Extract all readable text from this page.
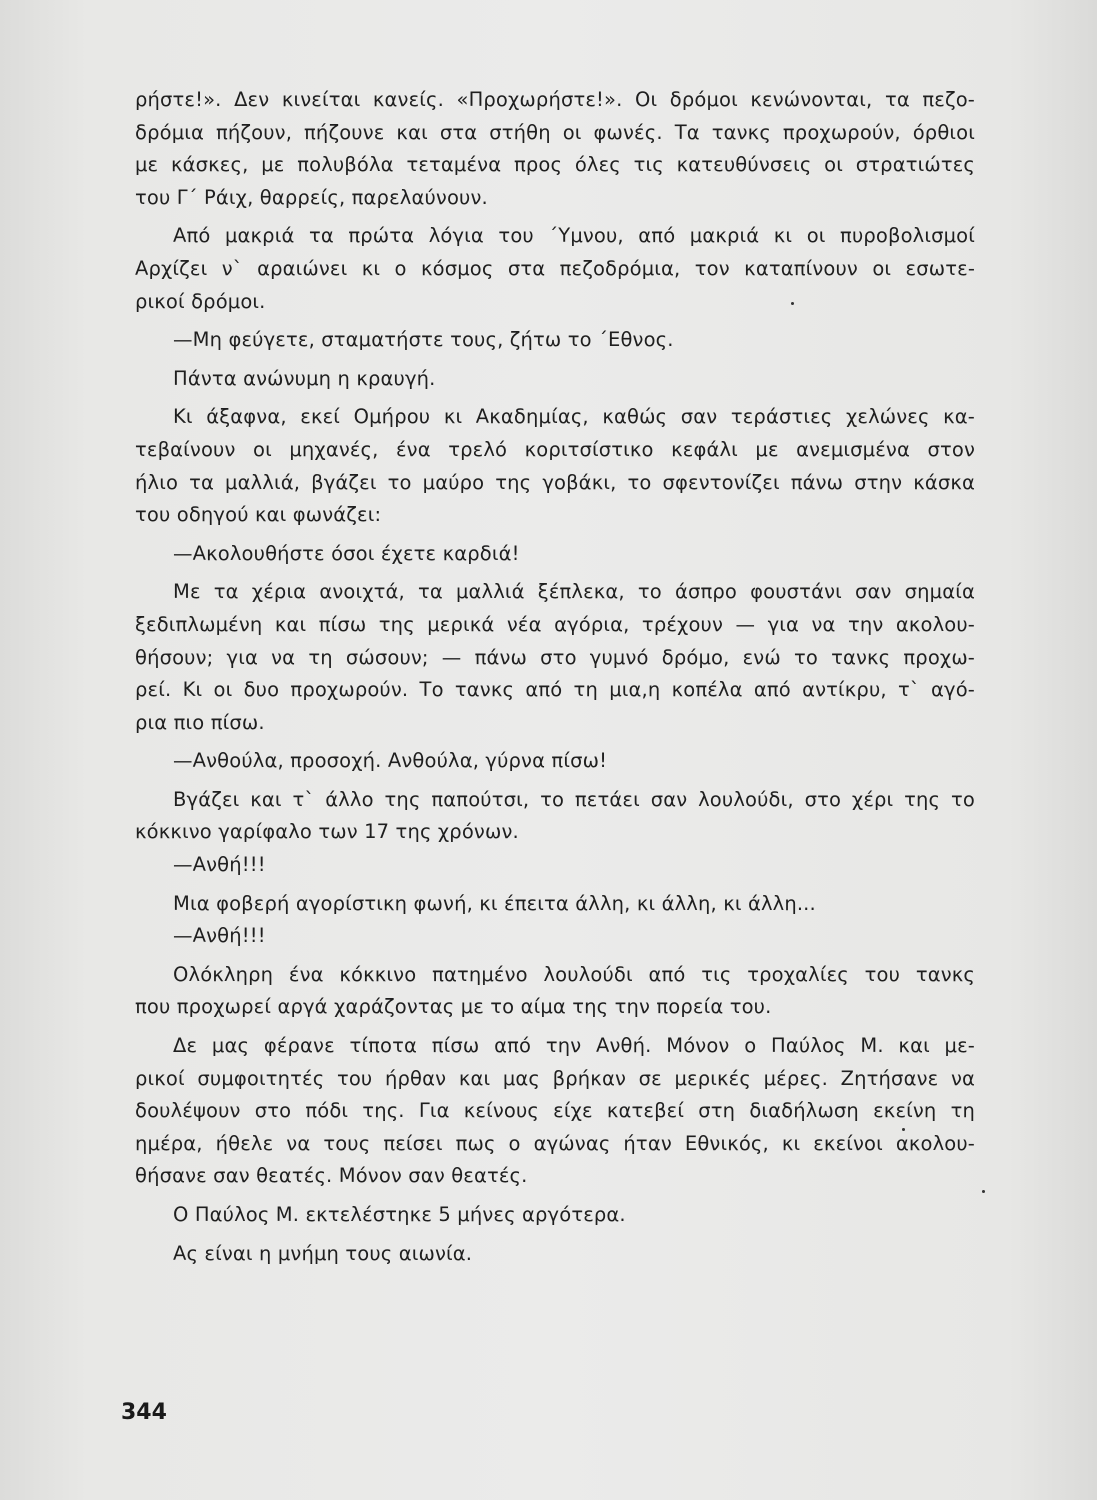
ρήστε!». Δεν κινείται κανείς. «Προχωρήστε!». Οι δρόμοι κενώνονται, τα πεζο-
δρόμια πήζουν, πήζουνε και στα στήθη οι φωνές. Τα τανκς προχωρούν, όρθιοι
με κάσκες, με πολυβόλα τεταμένα προς όλες τις κατευθύνσεις οι στρατιώτες
του Γ΄ Ράιχ, θαρρείς, παρελαύνουν.
Από μακριά τα πρώτα λόγια του ΄Υμνου, από μακριά κι οι πυροβολισμοί
Αρχίζει ν` αραιώνει κι ο κόσμος στα πεζοδρόμια, τον καταπίνουν οι εσωτε-
ρικοί δρόμοι.
—Μη φεύγετε, σταματήστε τους, ζήτω το ΄Εθνος.
Πάντα ανώνυμη η κραυγή.
Κι άξαφνα, εκεί Ομήρου κι Ακαδημίας, καθώς σαν τεράστιες χελώνες κα-
τεβαίνουν οι μηχανές, ένα τρελό κοριτσίστικο κεφάλι με ανεμισμένα στον
ήλιο τα μαλλιά, βγάζει το μαύρο της γοβάκι, το σφεντονίζει πάνω στην κάσκα
του οδηγού και φωνάζει:
—Ακολουθήστε όσοι έχετε καρδιά!
Με τα χέρια ανοιχτά, τα μαλλιά ξέπλεκα, το άσπρο φουστάνι σαν σημαία
ξεδιπλωμένη και πίσω της μερικά νέα αγόρια, τρέχουν — για να την ακολου-
θήσουν; για να τη σώσουν; — πάνω στο γυμνό δρόμο, ενώ το τανκς προχω-
ρεί. Κι οι δυο προχωρούν. Το τανκς από τη μια,η κοπέλα από αντίκρυ, τ` αγό-
ρια πιο πίσω.
—Ανθούλα, προσοχή. Ανθούλα, γύρνα πίσω!
Βγάζει και τ` άλλο της παπούτσι, το πετάει σαν λουλούδι, στο χέρι της το
κόκκινο γαρίφαλο των 17 της χρόνων.
—Ανθή!!!
Μια φοβερή αγορίστικη φωνή, κι έπειτα άλλη, κι άλλη, κι άλλη...
—Ανθή!!!
Ολόκληρη ένα κόκκινο πατημένο λουλούδι από τις τροχαλίες του τανκς
που προχωρεί αργά χαράζοντας με το αίμα της την πορεία του.
Δε μας φέρανε τίποτα πίσω από την Ανθή. Μόνον ο Παύλος Μ. και με-
ρικοί συμφοιτητές του ήρθαν και μας βρήκαν σε μερικές μέρες. Ζητήσανε να
δουλέψουν στο πόδι της. Για κείνους είχε κατεβεί στη διαδήλωση εκείνη τη
ημέρα, ήθελε να τους πείσει πως ο αγώνας ήταν Εθνικός, κι εκείνοι ακολου-
θήσανε σαν θεατές. Μόνον σαν θεατές.
Ο Παύλος Μ. εκτελέστηκε 5 μήνες αργότερα.
Ας είναι η μνήμη τους αιωνία.
344
